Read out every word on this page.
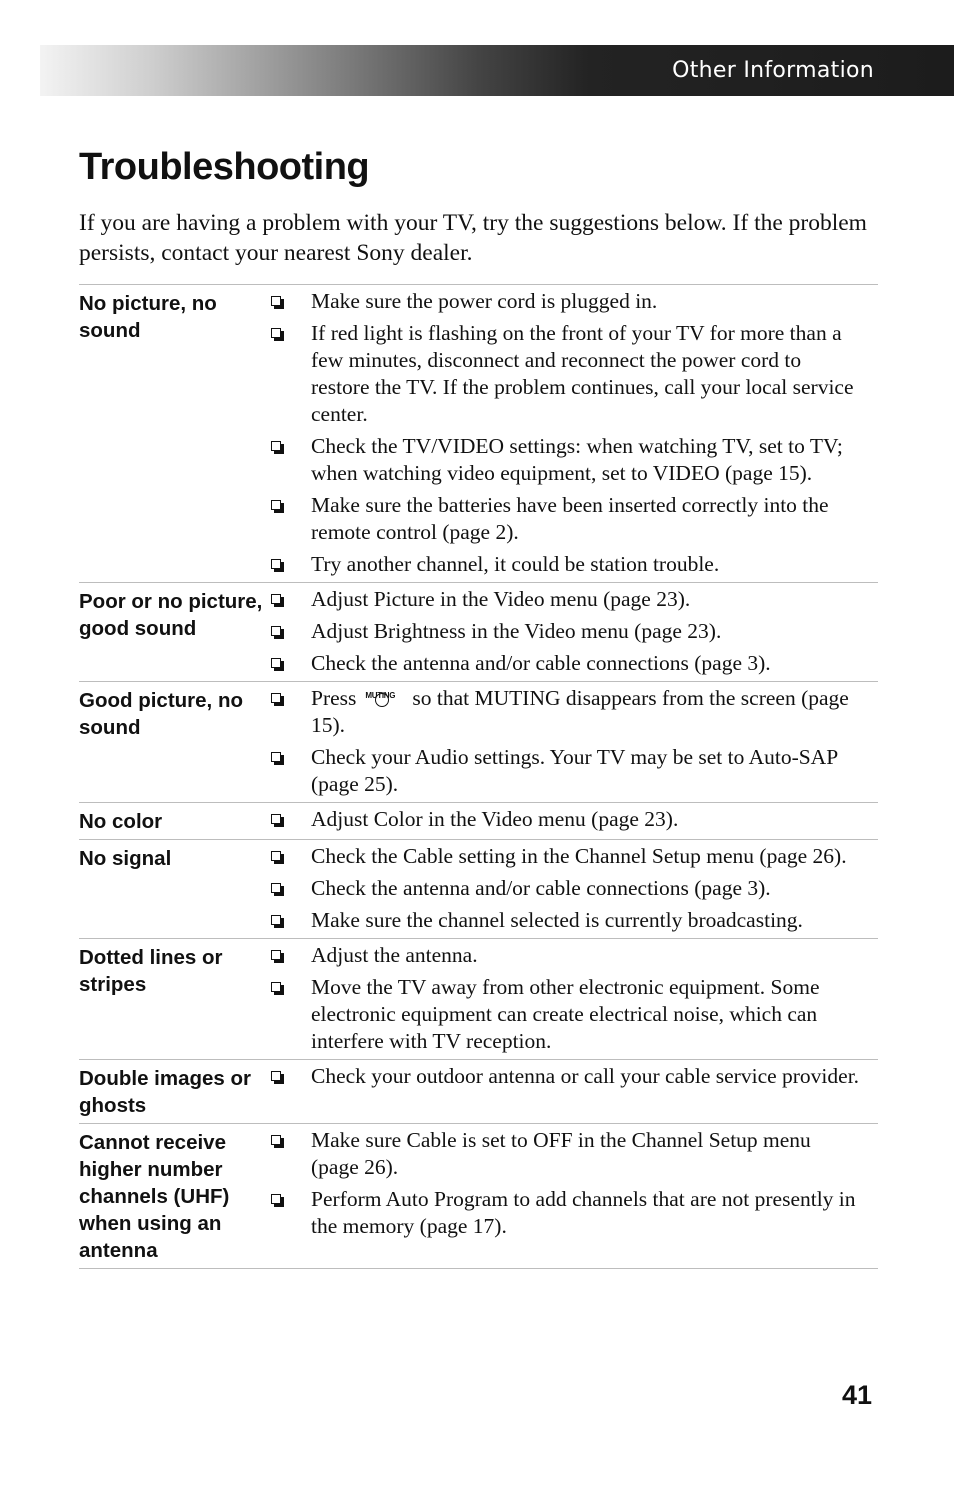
Other Information
Troubleshooting

If you are having a problem with your TV, try the suggestions below. If the problem persists, contact your nearest Sony dealer.

No picture, no sound
Make sure the power cord is plugged in.
If red light is flashing on the front of your TV for more than a few minutes, disconnect and reconnect the power cord to restore the TV. If the problem continues, call your local service center.
Check the TV/VIDEO settings: when watching TV, set to TV; when watching video equipment, set to VIDEO (page 15).
Make sure the batteries have been inserted correctly into the remote control (page 2).
Try another channel, it could be station trouble.
Poor or no picture, good sound
Adjust Picture in the Video menu (page 23).
Adjust Brightness in the Video menu (page 23).
Check the antenna and/or cable connections (page 3).
Good picture, no sound
Press MUTING so that MUTING disappears from the screen (page 15).
Check your Audio settings. Your TV may be set to Auto-SAP (page 25).
No color	Adjust Color in the Video menu (page 23).
No signal	Check the Cable setting in the Channel Setup menu (page 26).
Check the antenna and/or cable connections (page 3).
Make sure the channel selected is currently broadcasting.
Dotted lines or stripes
Adjust the antenna.
Move the TV away from other electronic equipment. Some electronic equipment can create electrical noise, which can interfere with TV reception.
Double images or ghosts
Check your outdoor antenna or call your cable service provider.
Cannot receive higher number channels (UHF) when using an antenna
Make sure Cable is set to OFF in the Channel Setup menu (page 26).
Perform Auto Program to add channels that are not presently in the memory (page 17).
41
